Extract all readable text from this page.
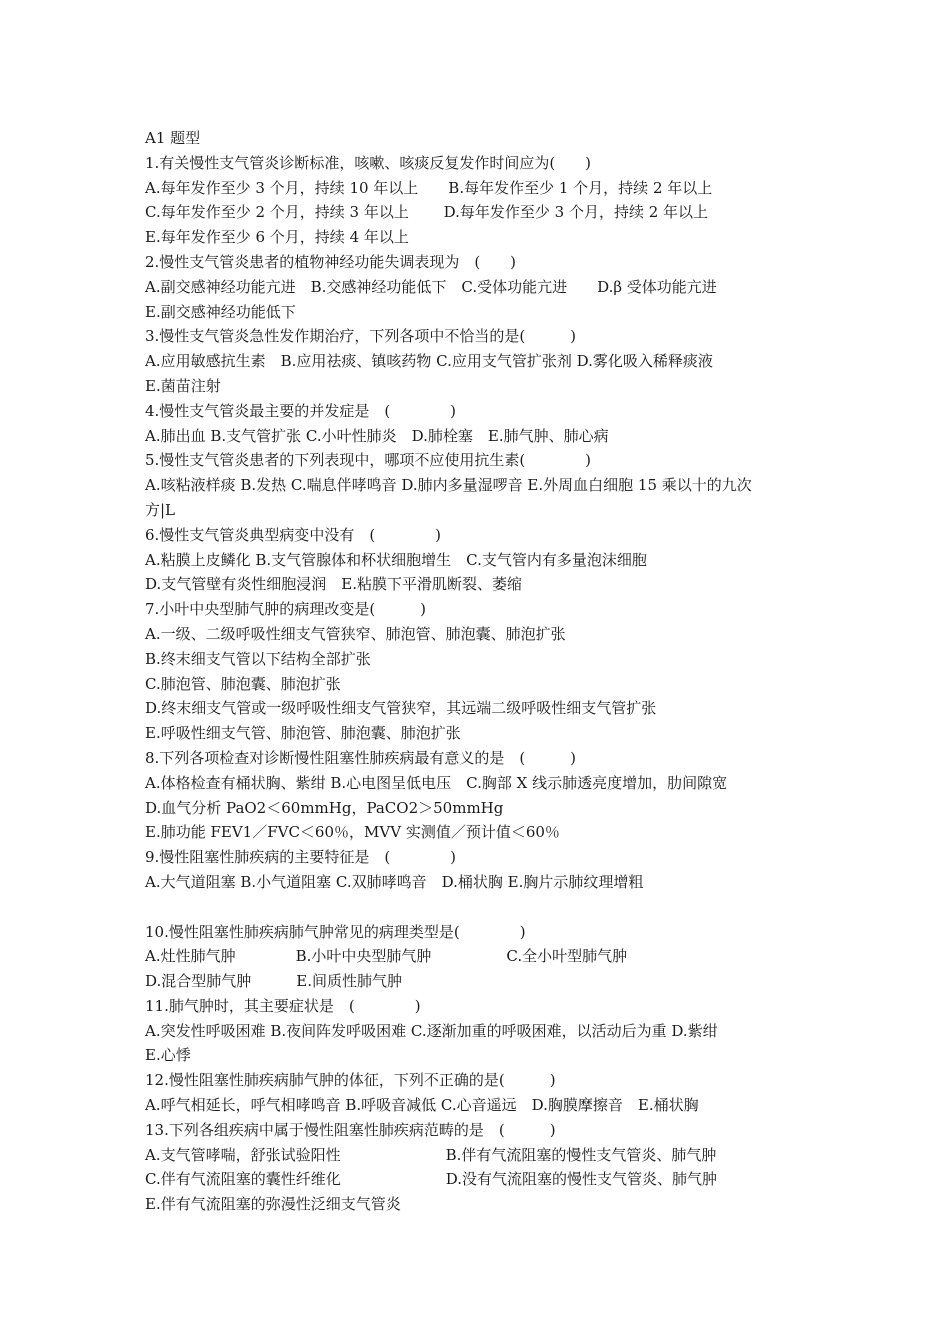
A1 题型
1.有关慢性支气管炎诊断标准，咳嗽、咳痰反复发作时间应为(　　)
A.每年发作至少 3 个月，持续 10 年以上　　B.每年发作至少 1 个月，持续 2 年以上
C.每年发作至少 2 个月，持续 3 年以上　　 D.每年发作至少 3 个月，持续 2 年以上
E.每年发作至少 6 个月，持续 4 年以上
2.慢性支气管炎患者的植物神经功能失调表现为　(　　)
A.副交感神经功能亢进　B.交感神经功能低下　C.受体功能亢进　　D.β 受体功能亢进
E.副交感神经功能低下
3.慢性支气管炎急性发作期治疗，下列各项中不恰当的是(　　　)
A.应用敏感抗生素　B.应用祛痰、镇咳药物 C.应用支气管扩张剂 D.雾化吸入稀释痰液
E.菌苗注射
4.慢性支气管炎最主要的并发症是　(　　　　)
A.肺出血 B.支气管扩张 C.小叶性肺炎　D.肺栓塞　E.肺气肿、肺心病
5.慢性支气管炎患者的下列表现中，哪项不应使用抗生素(　　　　)
A.咳粘液样痰 B.发热 C.喘息伴哮鸣音 D.肺内多量湿啰音 E.外周血白细胞 15 乘以十的九次
方|L
6.慢性支气管炎典型病变中没有　(　　　　)
A.粘膜上皮鳞化 B.支气管腺体和杯状细胞增生　C.支气管内有多量泡沫细胞
D.支气管壁有炎性细胞浸润　E.粘膜下平滑肌断裂、萎缩
7.小叶中央型肺气肿的病理改变是(　　　)
A.一级、二级呼吸性细支气管狭窄、肺泡管、肺泡囊、肺泡扩张
B.终末细支气管以下结构全部扩张
C.肺泡管、肺泡囊、肺泡扩张
D.终末细支气管或一级呼吸性细支气管狭窄，其远端二级呼吸性细支气管扩张
E.呼吸性细支气管、肺泡管、肺泡囊、肺泡扩张
8.下列各项检查对诊断慢性阻塞性肺疾病最有意义的是　(　　　)
A.体格检查有桶状胸、紫绀 B.心电图呈低电压　C.胸部 X 线示肺透亮度增加，肋间隙宽
D.血气分析 PaO2＜60mmHg，PaCO2＞50mmHg
E.肺功能 FEV1／FVC＜60％，MVV 实测值／预计值＜60％
9.慢性阻塞性肺疾病的主要特征是　(　　　　)
A.大气道阻塞 B.小气道阻塞 C.双肺哮鸣音　D.桶状胸 E.胸片示肺纹理增粗
10.慢性阻塞性肺疾病肺气肿常见的病理类型是(　　　　)
A.灶性肺气肿　　　　B.小叶中央型肺气肿　　　　　C.全小叶型肺气肿
D.混合型肺气肿　　　E.间质性肺气肿
11.肺气肿时，其主要症状是　(　　　　)
A.突发性呼吸困难 B.夜间阵发呼吸困难 C.逐渐加重的呼吸困难，以活动后为重 D.紫绀
E.心悸
12.慢性阻塞性肺疾病肺气肿的体征，下列不正确的是(　　　)
A.呼气相延长，呼气相哮鸣音 B.呼吸音减低 C.心音遥远　D.胸膜摩擦音　E.桶状胸
13.下列各组疾病中属于慢性阻塞性肺疾病范畴的是　(　　　)
A.支气管哮喘，舒张试验阳性　　　　　　　B.伴有气流阻塞的慢性支气管炎、肺气肿
C.伴有气流阻塞的囊性纤维化　　　　　　　D.没有气流阻塞的慢性支气管炎、肺气肿
E.伴有气流阻塞的弥漫性泛细支气管炎
